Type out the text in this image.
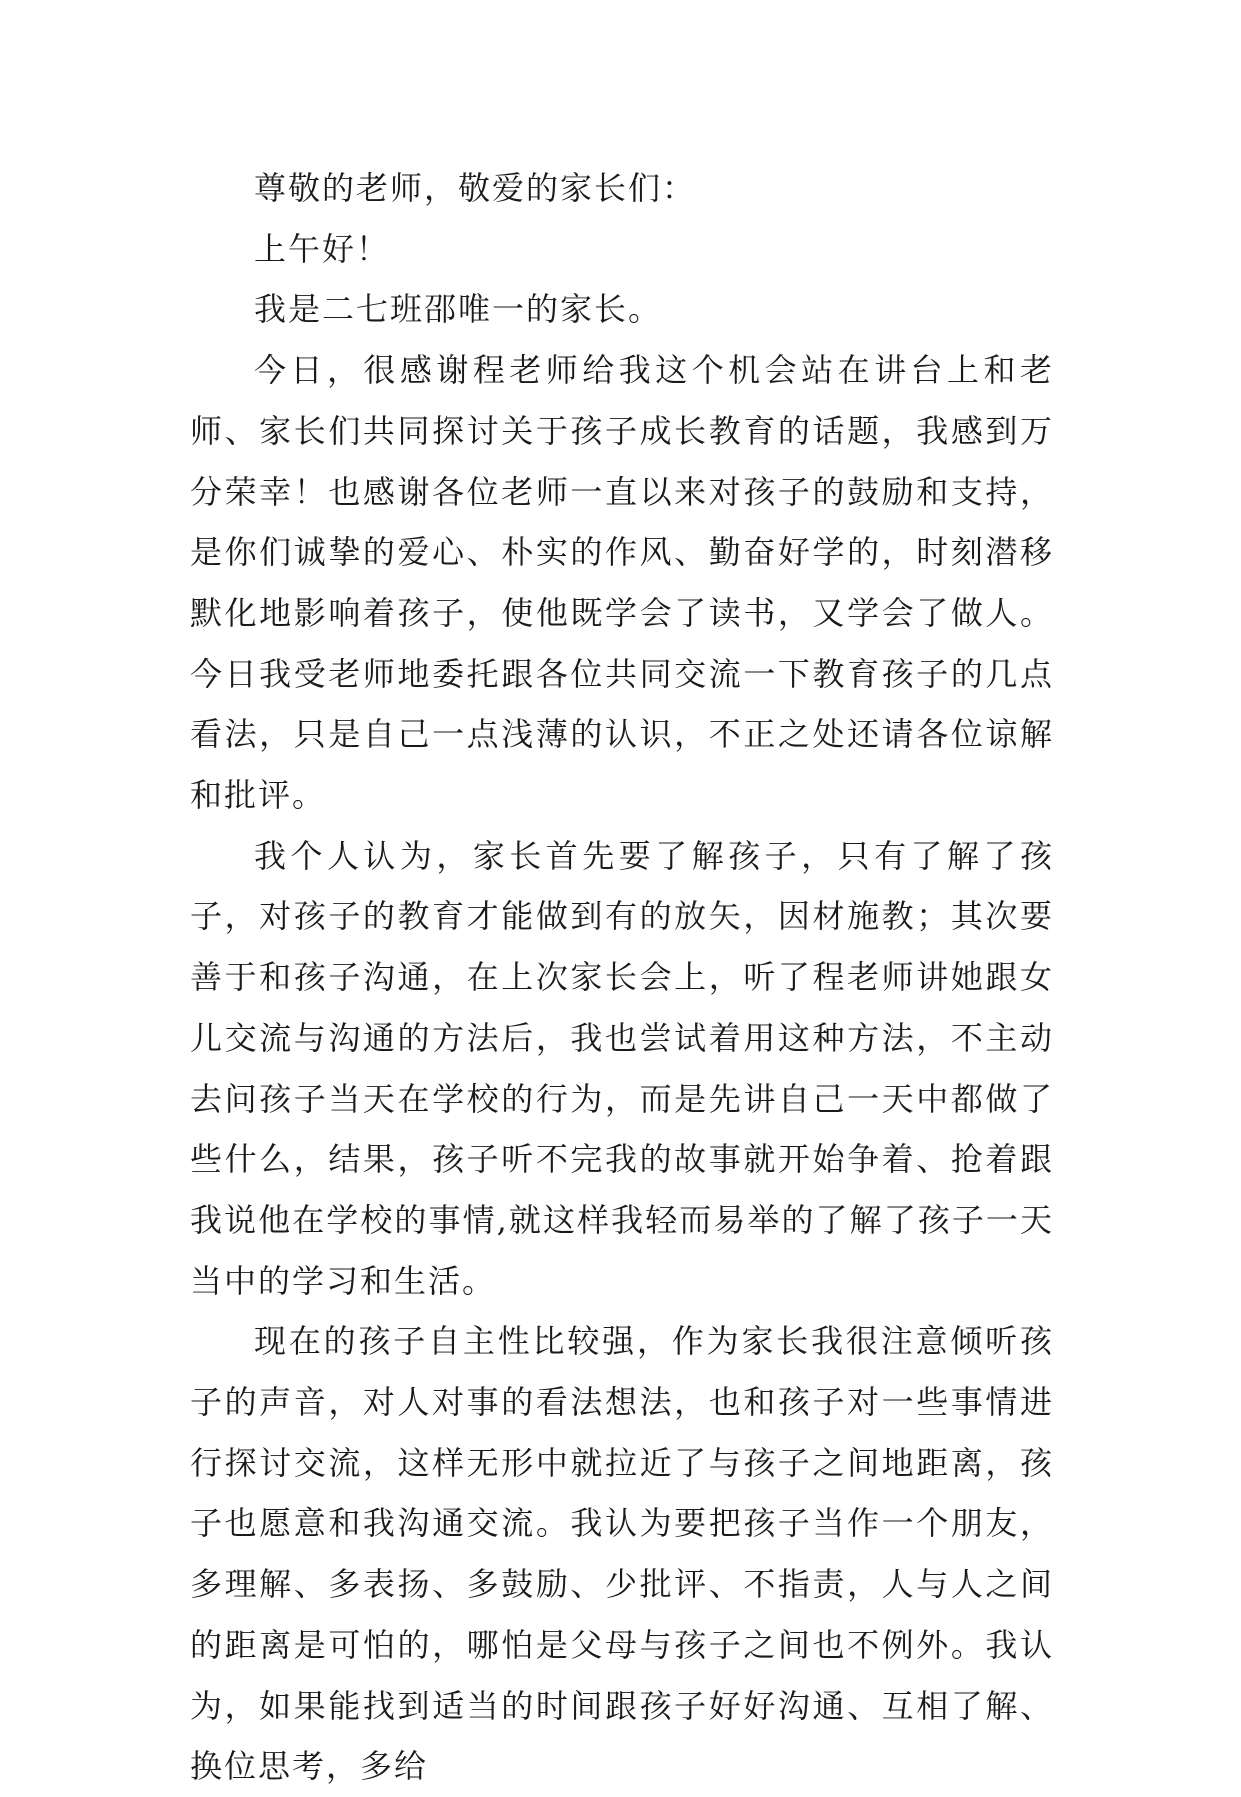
尊敬的老师，敬爱的家长们：

上午好！

我是二七班邵唯一的家长。

今日，很感谢程老师给我这个机会站在讲台上和老师、家长们共同探讨关于孩子成长教育的话题，我感到万分荣幸！也感谢各位老师一直以来对孩子的鼓励和支持，是你们诚挚的爱心、朴实的作风、勤奋好学的，时刻潜移默化地影响着孩子，使他既学会了读书，又学会了做人。今日我受老师地委托跟各位共同交流一下教育孩子的几点看法，只是自己一点浅薄的认识，不正之处还请各位谅解和批评。

我个人认为，家长首先要了解孩子，只有了解了孩子，对孩子的教育才能做到有的放矢，因材施教；其次要善于和孩子沟通，在上次家长会上，听了程老师讲她跟女儿交流与沟通的方法后，我也尝试着用这种方法，不主动去问孩子当天在学校的行为，而是先讲自己一天中都做了些什么，结果，孩子听不完我的故事就开始争着、抢着跟我说他在学校的事情,就这样我轻而易举的了解了孩子一天当中的学习和生活。

现在的孩子自主性比较强，作为家长我很注意倾听孩子的声音，对人对事的看法想法，也和孩子对一些事情进行探讨交流，这样无形中就拉近了与孩子之间地距离，孩子也愿意和我沟通交流。我认为要把孩子当作一个朋友，多理解、多表扬、多鼓励、少批评、不指责，人与人之间的距离是可怕的，哪怕是父母与孩子之间也不例外。我认为，如果能找到适当的时间跟孩子好好沟通、互相了解、换位思考，多给
